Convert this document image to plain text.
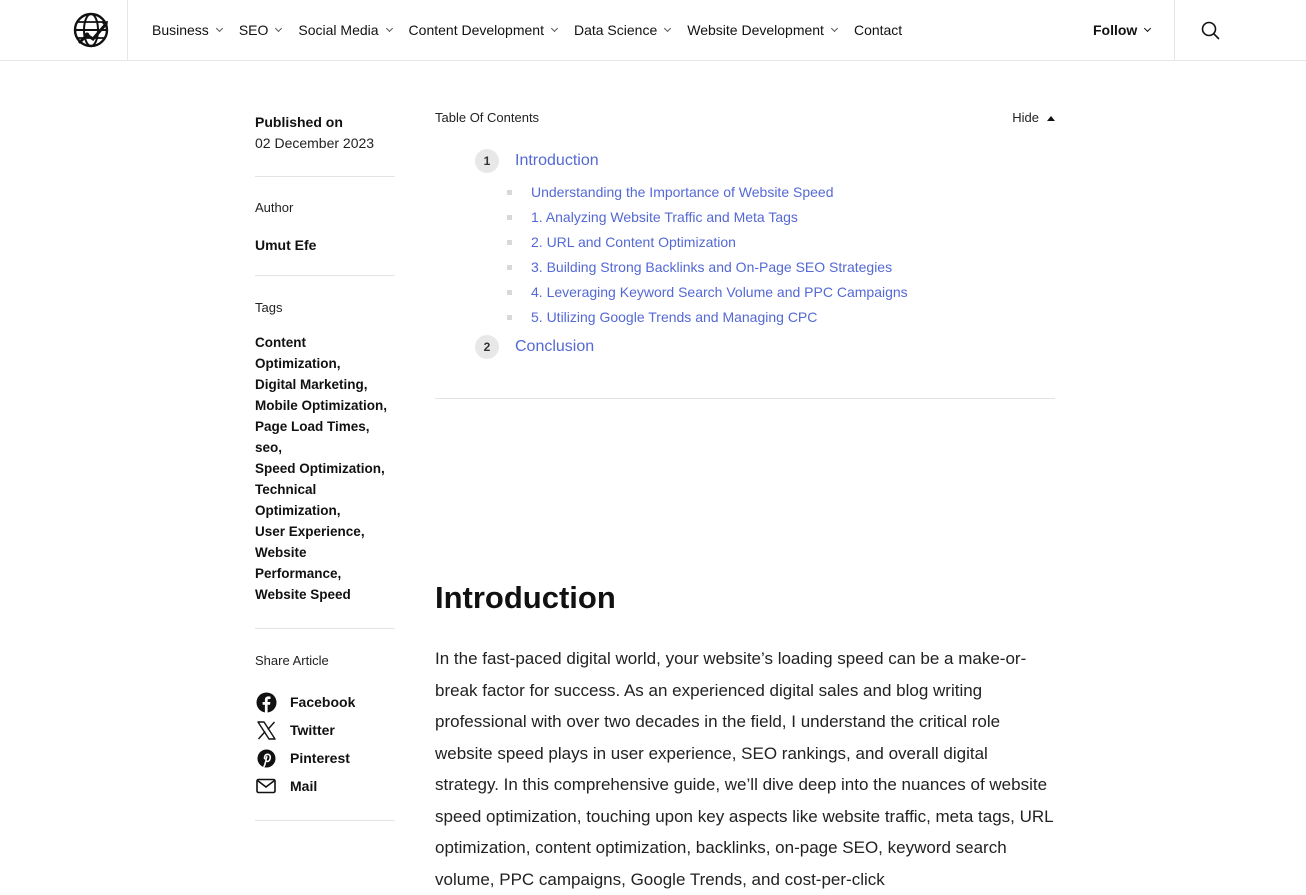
Business SEO Social Media Content Development Data Science Website Development Contact	Follow
Published on
02 December 2023
Author
Umut Efe
Tags
Content Optimization,
Digital Marketing,
Mobile Optimization,
Page Load Times,
seo,
Speed Optimization,
Technical Optimization,
User Experience,
Website Performance,
Website Speed
Share Article
Facebook
Twitter
Pinterest
Mail
Table Of Contents	Hide
1	Introduction
Understanding the Importance of Website Speed
1. Analyzing Website Traffic and Meta Tags
2. URL and Content Optimization
3. Building Strong Backlinks and On-Page SEO Strategies
4. Leveraging Keyword Search Volume and PPC Campaigns
5. Utilizing Google Trends and Managing CPC
2	Conclusion
Introduction

In the fast-paced digital world, your website’s loading speed can be a make-or-break factor for success. As an experienced digital sales and blog writing professional with over two decades in the field, I understand the critical role website speed plays in user experience, SEO rankings, and overall digital strategy. In this comprehensive guide, we’ll dive deep into the nuances of website speed optimization, touching upon key aspects like website traffic, meta tags, URL optimization, content optimization, backlinks, on-page SEO, keyword search volume, PPC campaigns, Google Trends, and cost-per-click
